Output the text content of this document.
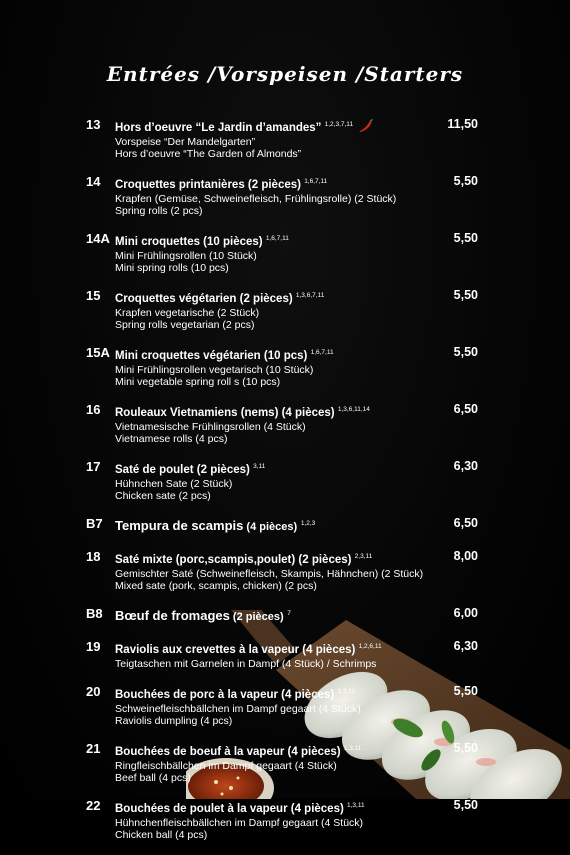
Entrées /Vorspeisen /Starters
13	Hors d’oeuvre “Le Jardin d’amandes” $^{1,2,3,7,11}$
Vorspeise “Der Mandelgarten”
Hors d’oeuvre “The Garden of Almonds”
11,50
14	Croquettes printanières (2 pièces) $^{1,6,7,11}$
Krapfen (Gemüse, Schweinefleisch, Frühlingsrolle) (2 Stück)
Spring rolls (2 pcs)
5,50
14A Mini croquettes (10 pièces) $^{1,6,7,11}$
Mini Frühlingsrollen (10 Stück)
Mini spring rolls (10 pcs)
5,50
15	Croquettes végétarien (2 pièces) $^{1,3,6,7,11}$
Krapfen vegetarische (2 Stück)
Spring rolls vegetarian (2 pcs)
5,50
15A Mini croquettes végétarien (10 pcs) $^{1,6,7,11}$
Mini Frühlingsrollen vegetarisch (10 Stück)
Mini vegetable spring roll s (10 pcs)
5,50
16	Rouleaux Vietnamiens (nems) (4 pièces) $^{1,3,6,11,14}$
Vietnamesische Frühlingsrollen (4 Stück)
Vietnamese rolls (4 pcs)
6,50
17	Saté de poulet (2 pièces) $^{3,11}$
Hühnchen Sate (2 Stück)
Chicken sate (2 pcs)
6,30
B7 Tempura de scampis (4 pièces) $^{1,2,3}$	6,50
18	Saté mixte (porc,scampis,poulet) (2 pièces) $^{2,3,11}$
Gemischter Saté (Schweinefleisch, Skampis, Hähnchen) (2 Stück)
Mixed sate (pork, scampis, chicken) (2 pcs)
8,00
B8 Bœuf de fromages (2 pièces) $^7$	6,00
19	Raviolis aux crevettes à la vapeur (4 pièces) $^{1,2,6,11}$
Teigtaschen mit Garnelen in Dampf (4 Stück) / Schrimps
6,30
20	Bouchées de porc à la vapeur (4 pièces) $^{1,3,11}$
Schweinefleischbällchen im Dampf gegaart (4 Stück)
Raviolis dumpling (4 pcs)
5,50
21	Bouchées de boeuf à la vapeur (4 pièces) $^{1,3,11}$
Ringfleischbällchen im Dampf gegaart (4 Stück)
Beef ball (4 pcs)
5,50
22	Bouchées de poulet à la vapeur (4 pièces) $^{1,3,11}$
Hühnchenfleischbällchen im Dampf gegaart (4 Stück)
Chicken ball (4 pcs)
5,50
